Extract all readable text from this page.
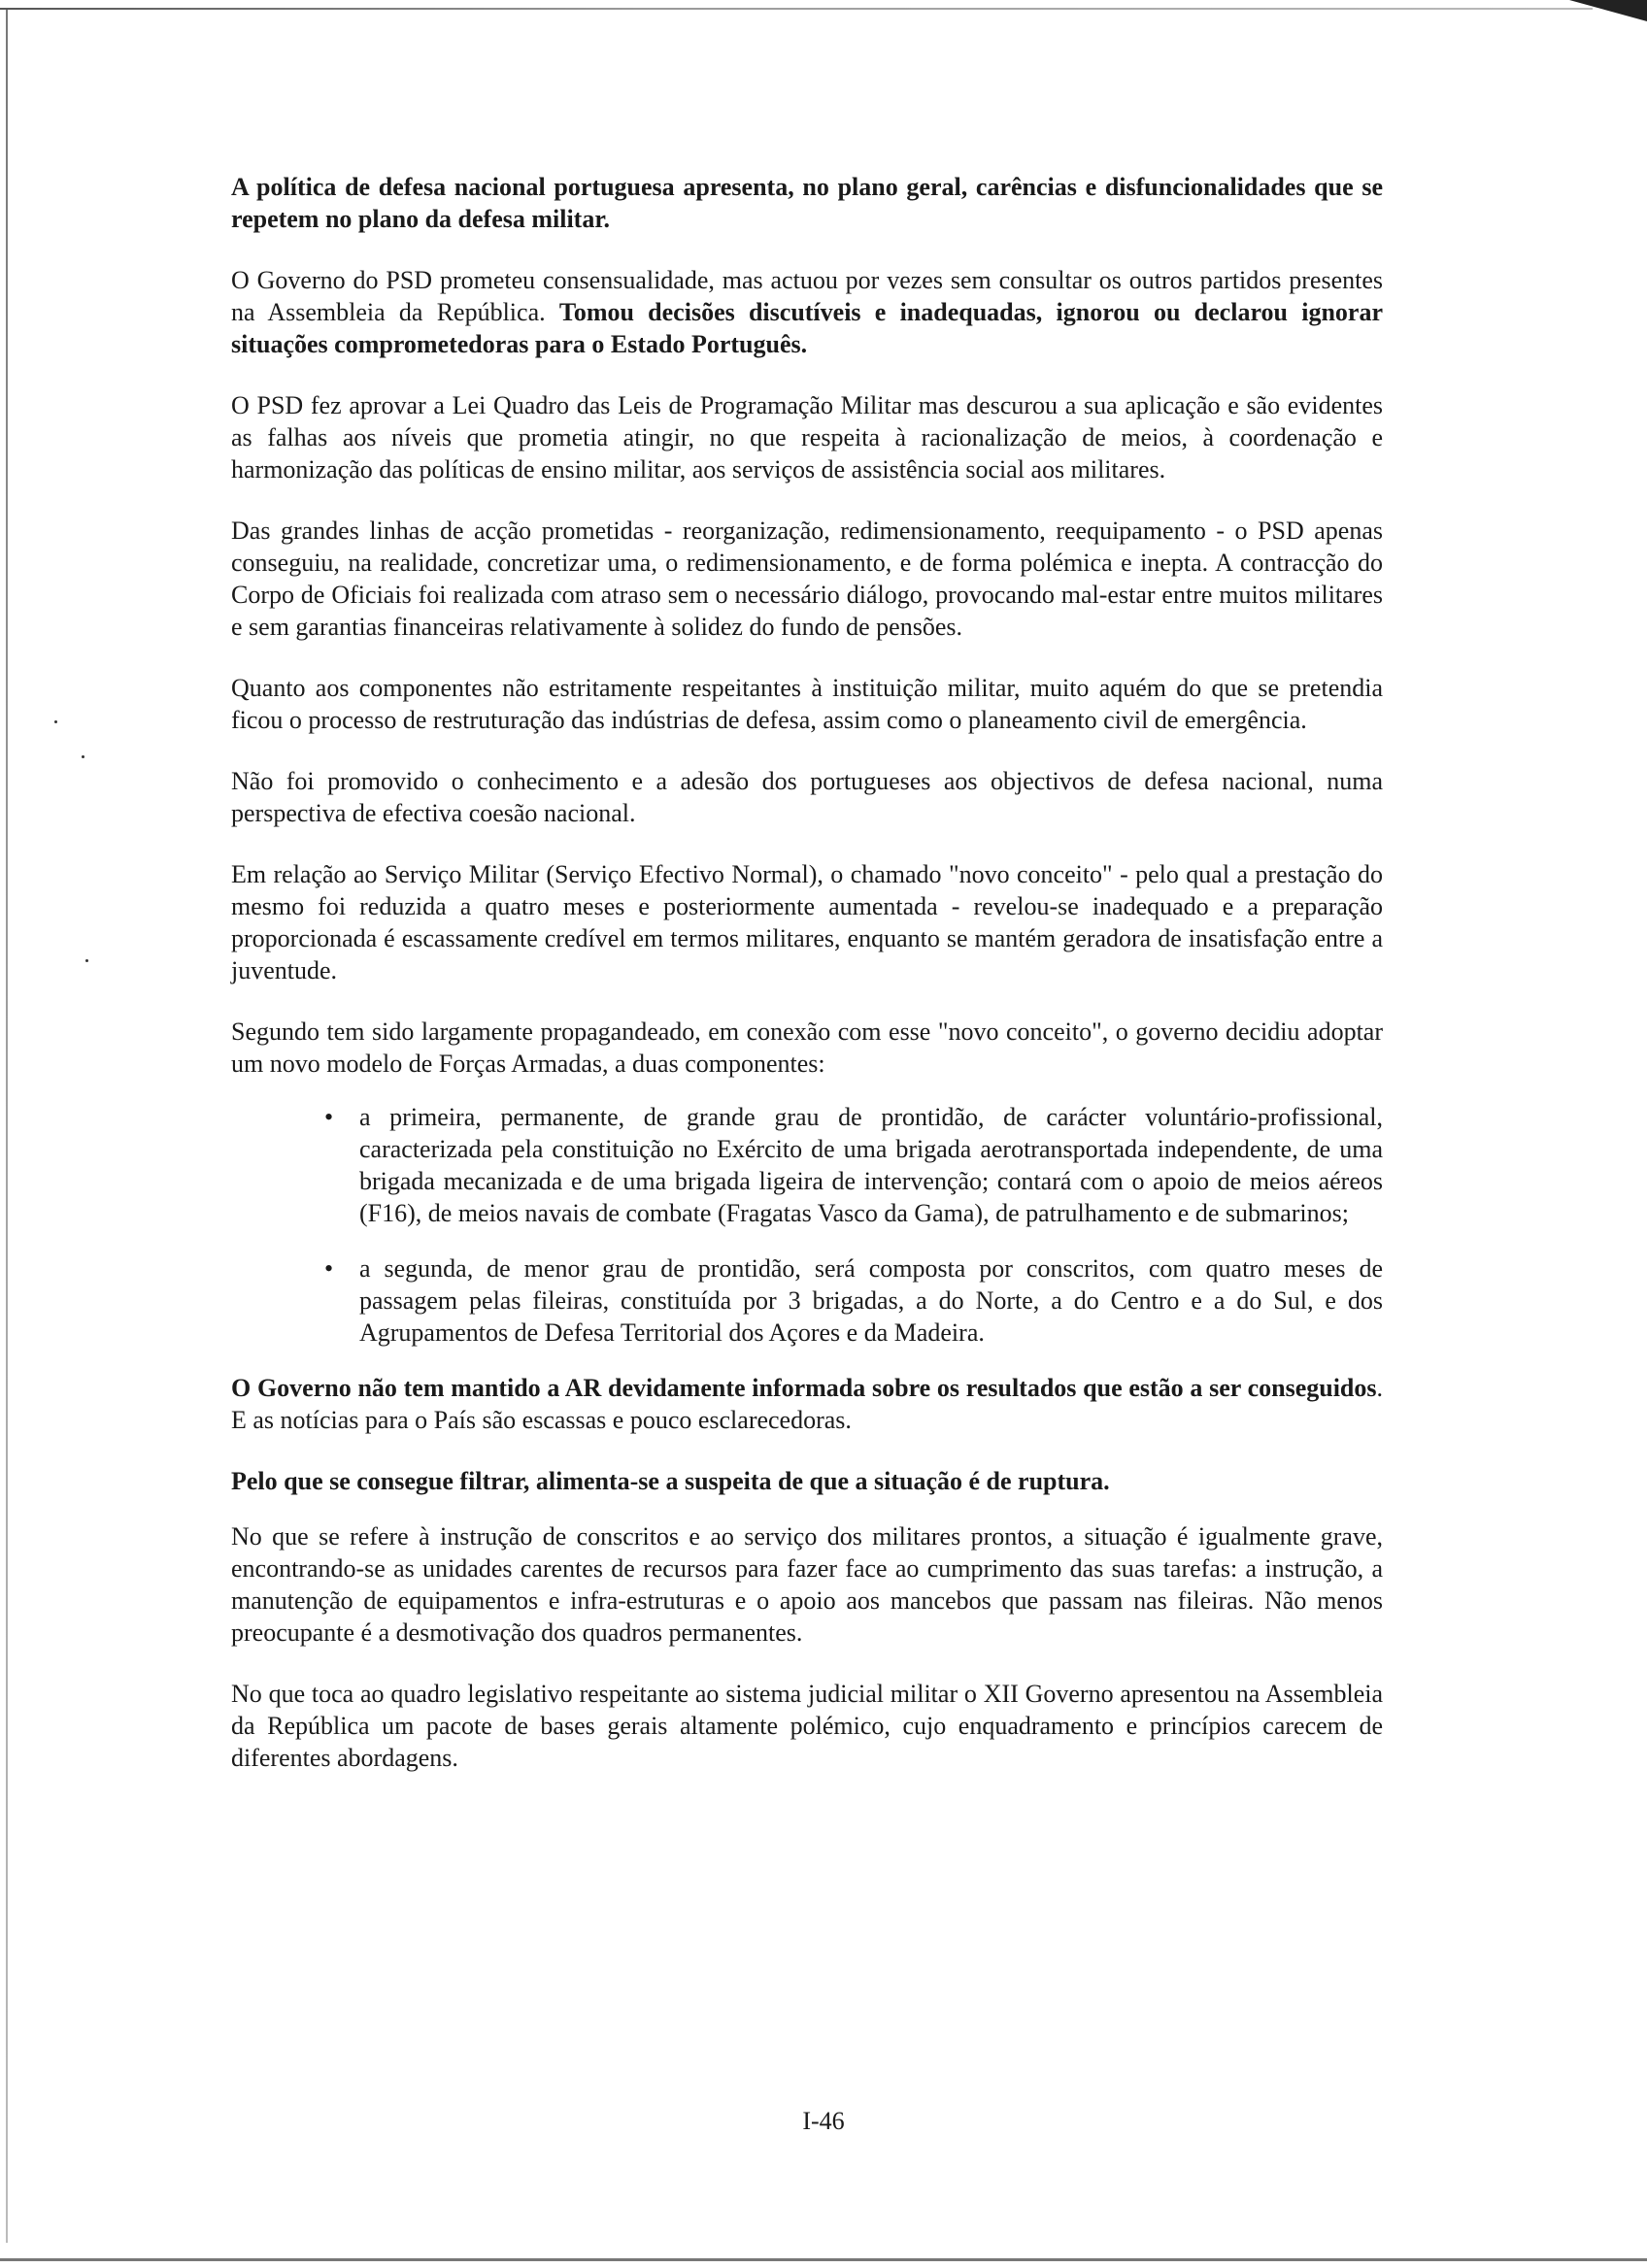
A política de defesa nacional portuguesa apresenta, no plano geral, carências e disfuncionalidades que se repetem no plano da defesa militar.

O Governo do PSD prometeu consensualidade, mas actuou por vezes sem consultar os outros partidos presentes na Assembleia da República. Tomou decisões discutíveis e inadequadas, ignorou ou declarou ignorar situações comprometedoras para o Estado Português.

O PSD fez aprovar a Lei Quadro das Leis de Programação Militar mas descurou a sua aplicação e são evidentes as falhas aos níveis que prometia atingir, no que respeita à racionalização de meios, à coordenação e harmonização das políticas de ensino militar, aos serviços de assistência social aos militares.

Das grandes linhas de acção prometidas - reorganização, redimensionamento, reequipamento - o PSD apenas conseguiu, na realidade, concretizar uma, o redimensionamento, e de forma polémica e inepta. A contracção do Corpo de Oficiais foi realizada com atraso sem o necessário diálogo, provocando mal-estar entre muitos militares e sem garantias financeiras relativamente à solidez do fundo de pensões.

Quanto aos componentes não estritamente respeitantes à instituição militar, muito aquém do que se pretendia ficou o processo de restruturação das indústrias de defesa, assim como o planeamento civil de emergência.

Não foi promovido o conhecimento e a adesão dos portugueses aos objectivos de defesa nacional, numa perspectiva de efectiva coesão nacional.

Em relação ao Serviço Militar (Serviço Efectivo Normal), o chamado "novo conceito" - pelo qual a prestação do mesmo foi reduzida a quatro meses e posteriormente aumentada - revelou-se inadequado e a preparação proporcionada é escassamente credível em termos militares, enquanto se mantém geradora de insatisfação entre a juventude.

Segundo tem sido largamente propagandeado, em conexão com esse "novo conceito", o governo decidiu adoptar um novo modelo de Forças Armadas, a duas componentes:

• a primeira, permanente, de grande grau de prontidão, de carácter voluntário-profissional, caracterizada pela constituição no Exército de uma brigada aerotransportada independente, de uma brigada mecanizada e de uma brigada ligeira de intervenção; contará com o apoio de meios aéreos (F16), de meios navais de combate (Fragatas Vasco da Gama), de patrulhamento e de submarinos;
• a segunda, de menor grau de prontidão, será composta por conscritos, com quatro meses de passagem pelas fileiras, constituída por 3 brigadas, a do Norte, a do Centro e a do Sul, e dos Agrupamentos de Defesa Territorial dos Açores e da Madeira.

O Governo não tem mantido a AR devidamente informada sobre os resultados que estão a ser conseguidos. E as notícias para o País são escassas e pouco esclarecedoras.

Pelo que se consegue filtrar, alimenta-se a suspeita de que a situação é de ruptura.

No que se refere à instrução de conscritos e ao serviço dos militares prontos, a situação é igualmente grave, encontrando-se as unidades carentes de recursos para fazer face ao cumprimento das suas tarefas: a instrução, a manutenção de equipamentos e infra-estruturas e o apoio aos mancebos que passam nas fileiras. Não menos preocupante é a desmotivação dos quadros permanentes.

No que toca ao quadro legislativo respeitante ao sistema judicial militar o XII Governo apresentou na Assembleia da República um pacote de bases gerais altamente polémico, cujo enquadramento e princípios carecem de diferentes abordagens.

I-46
